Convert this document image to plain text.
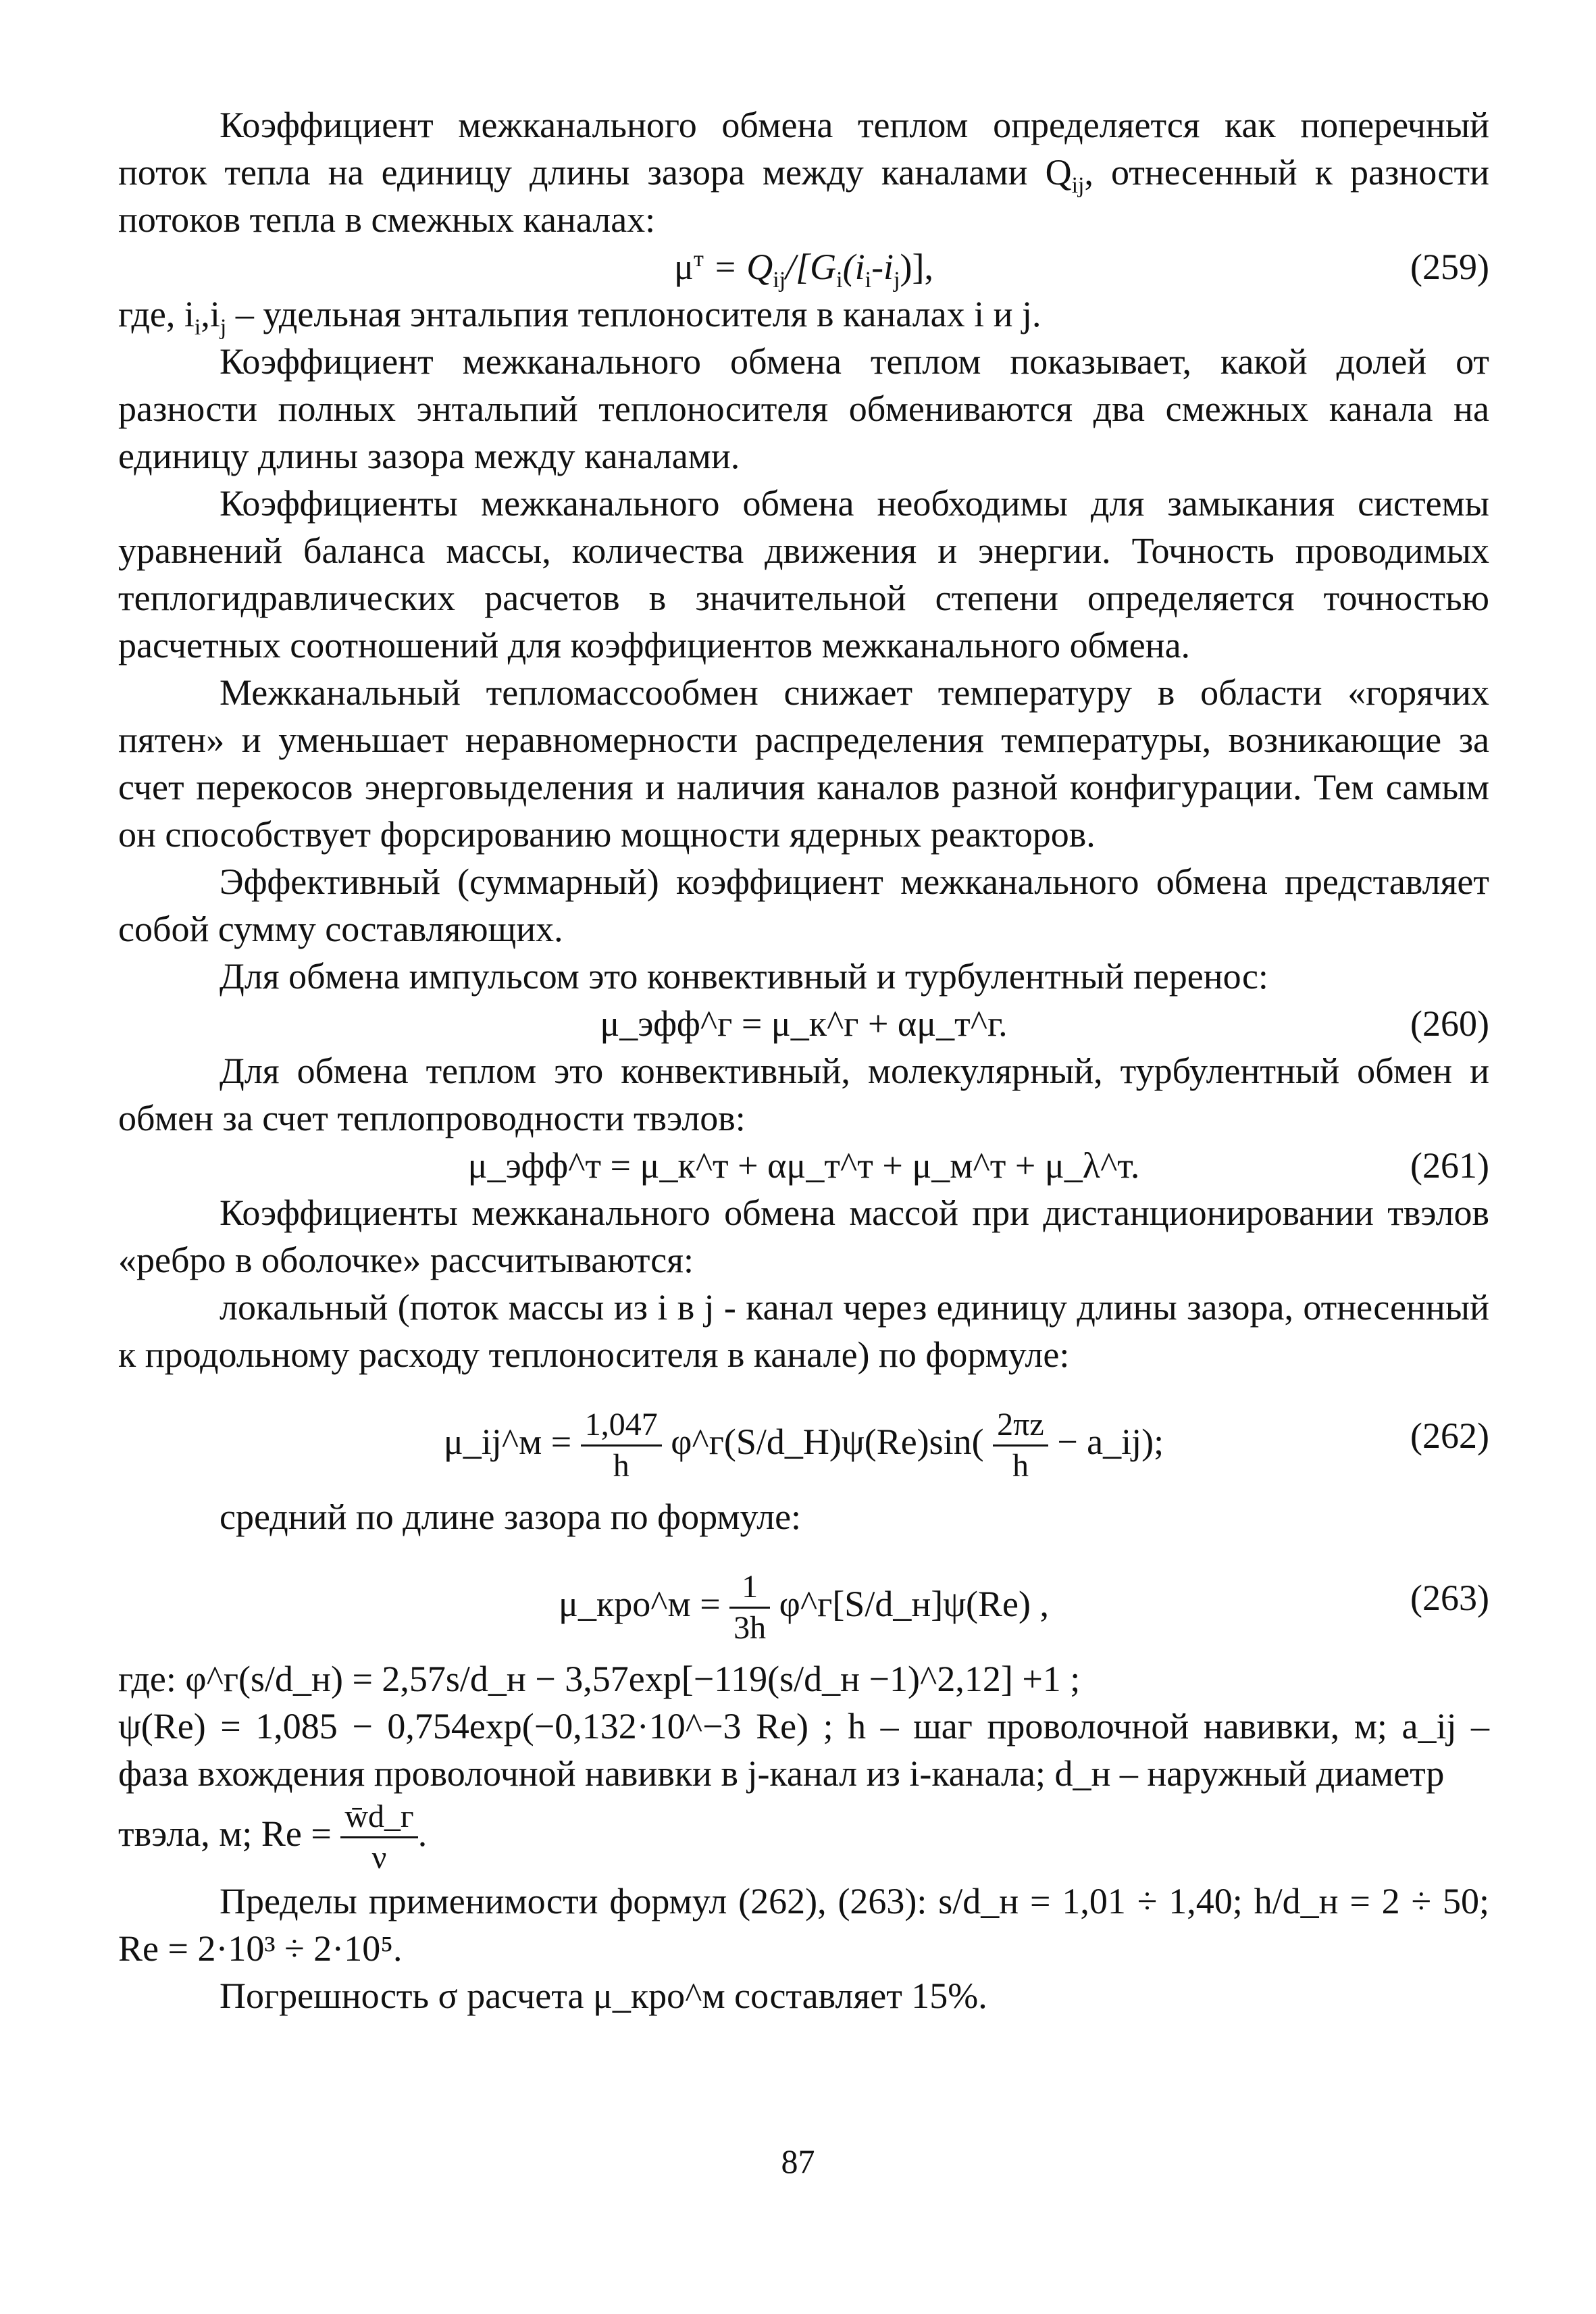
Коэффициент межканального обмена теплом определяется как поперечный поток тепла на единицу длины зазора между каналами $Q_{ij}$, отнесенный к разности потоков тепла в смежных каналах:

$\mu^т = Q_{ij}/[G_i(i_i-i_j)]$,	(259)

где, $i_i,i_j$ – удельная энтальпия теплоносителя в каналах i и j.

Коэффициент межканального обмена теплом показывает, какой долей от разности полных энтальпий теплоносителя обмениваются два смежных канала на единицу длины зазора между каналами.

Коэффициенты межканального обмена необходимы для замыкания системы уравнений баланса массы, количества движения и энергии. Точность проводимых теплогидравлических расчетов в значительной степени определяется точностью расчетных соотношений для коэффициентов межканального обмена.

Межканальный тепломассообмен снижает температуру в области «горячих пятен» и уменьшает неравномерности распределения температуры, возникающие за счет перекосов энерговыделения и наличия каналов разной конфигурации. Тем самым он способствует форсированию мощности ядерных реакторов.

Эффективный (суммарный) коэффициент межканального обмена представляет собой сумму составляющих.

Для обмена импульсом это конвективный и турбулентный перенос:

μ_эфф^г = μ_к^г + αμ_т^г.	(260)

Для обмена теплом это конвективный, молекулярный, турбулентный обмен и обмен за счет теплопроводности твэлов:

μ_эфф^т = μ_к^т + αμ_т^т + μ_м^т + μ_λ^т.	(261)

Коэффициенты межканального обмена массой при дистанционировании твэлов «ребро в оболочке» рассчитываются:

локальный (поток массы из i в j - канал через единицу длины зазора, отнесенный к продольному расходу теплоносителя в канале) по формуле:

μ_ij^м = $\frac{1,047}{h}$ φ^г(S/d_H)ψ(Re)sin( $\frac{2\pi z}{h}$ − a_ij);	(262)

средний по длине зазора по формуле:

μ_кро^м = $\frac{1}{3h}$ φ^г[S/d_н]ψ(Re) ,	(263)

где: φ^г(s/d_н) = 2,57s/d_н − 3,57exp[−119(s/d_н −1)^2,12] +1 ;

ψ(Re) = 1,085 − 0,754exp(−0,132·10^−3 Re) ; h – шаг проволочной навивки, м; a_ij – фаза вхождения проволочной навивки в j-канал из i-канала; d_н – наружный диаметр

твэла, м; $Re = \frac{w̄d\_г}{\nu}$ .

Пределы применимости формул (262), (263): s/d_н = 1,01 ÷ 1,40; h/d_н = 2 ÷ 50; Re = 2·10³ ÷ 2·10⁵.

Погрешность σ расчета μ_кро^м составляет 15%.

87
